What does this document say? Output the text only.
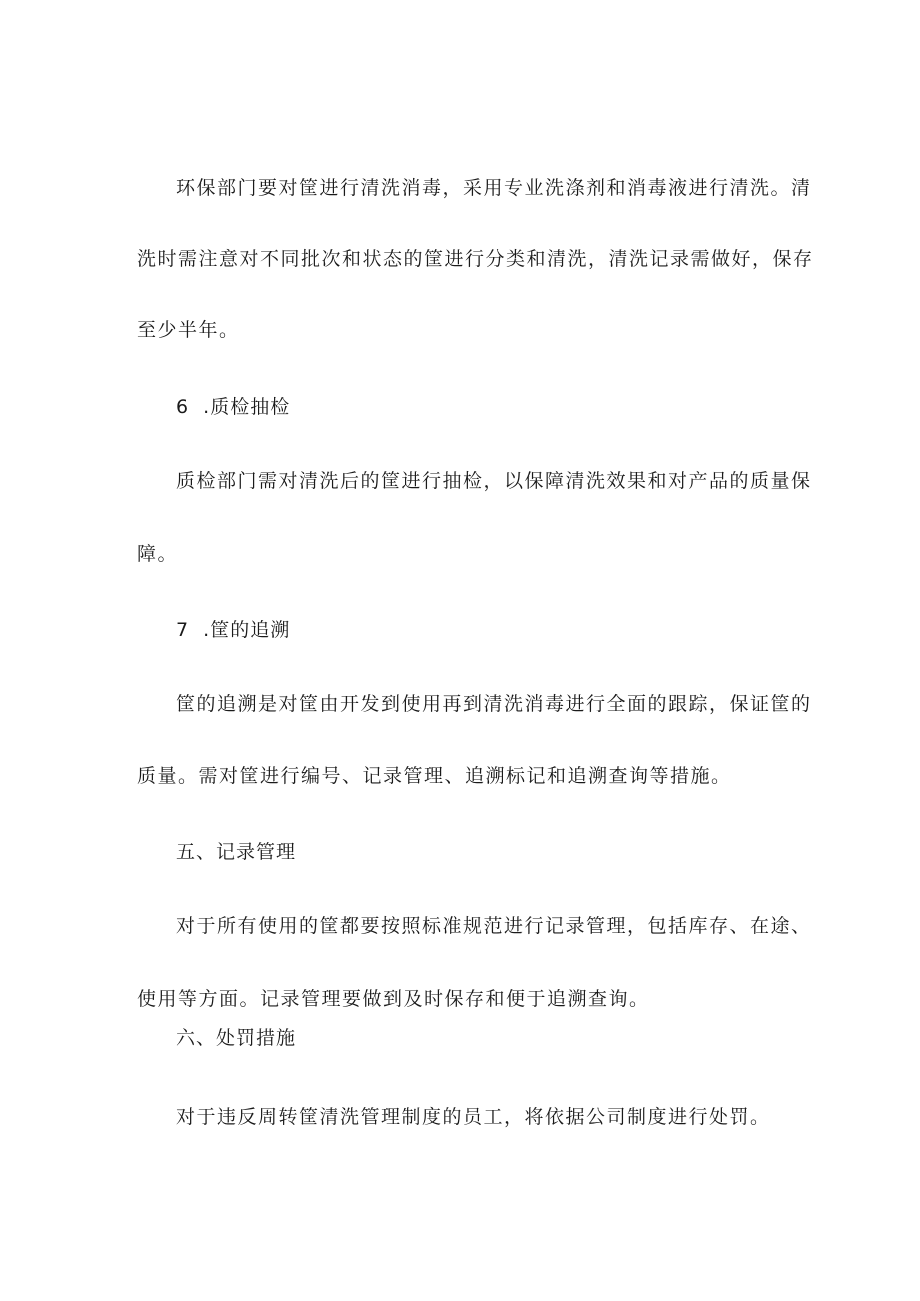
环保部门要对筐进行清洗消毒，采用专业洗涤剂和消毒液进行清洗。清
洗时需注意对不同批次和状态的筐进行分类和清洗，清洗记录需做好，保存
至少半年。
6  .质检抽检
质检部门需对清洗后的筐进行抽检，以保障清洗效果和对产品的质量保
障。
7  .筐的追溯
筐的追溯是对筐由开发到使用再到清洗消毒进行全面的跟踪，保证筐的
质量。需对筐进行编号、记录管理、追溯标记和追溯查询等措施。
五、记录管理
对于所有使用的筐都要按照标准规范进行记录管理，包括库存、在途、
使用等方面。记录管理要做到及时保存和便于追溯查询。
六、处罚措施
对于违反周转筐清洗管理制度的员工，将依据公司制度进行处罚。
